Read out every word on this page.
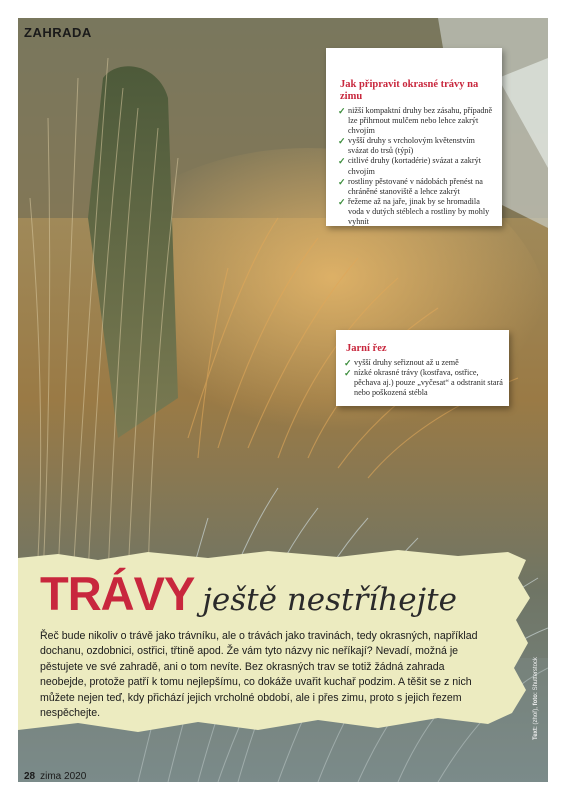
ZAHRADA
Jak připravit okrasné trávy na zimu
✓ nižší kompaktní druhy bez zásahu, případně lze přihrnout mulčem nebo lehce zakrýt chvojím
✓ vyšší druhy s vrcholovým květenstvím svázat do trsů (týpí)
✓ citlivé druhy (kortadérie) svázat a zakrýt chvojím
✓ rostliny pěstované v nádobách přenést na chráněné stanoviště a lehce zakrýt
✓ řežeme až na jaře, jinak by se hromadila voda v dutých stéblech a rostliny by mohly vyhnít
Jarní řez
✓ vyšší druhy seřiznout až u země
✓ nízké okrasné trávy (kostřava, ostřice, pěchava aj.) pouze „vyčesat“ a odstranit stará nebo poškozená stébla
TRÁVY ještě nestříhejte
Řeč bude nikoliv o trávě jako trávníku, ale o trávách jako travinách, tedy okrasných, například dochanu, ozdobnici, ostřici, třtině apod. Že vám tyto názvy nic neříkají? Nevadí, možná je pěstujete ve své zahradě, ani o tom nevíte. Bez okrasných trav se totiž žádná zahrada neobejde, protože patří k tomu nejlepšímu, co dokáže uvařit kuchař podzim. A těšit se z nich můžete nejen teď, kdy přichází jejich vrcholné období, ale i přes zimu, proto s jejich řezem nespěchejte.
Text: (zhoř), foto: Shutterstock
28 zima 2020
